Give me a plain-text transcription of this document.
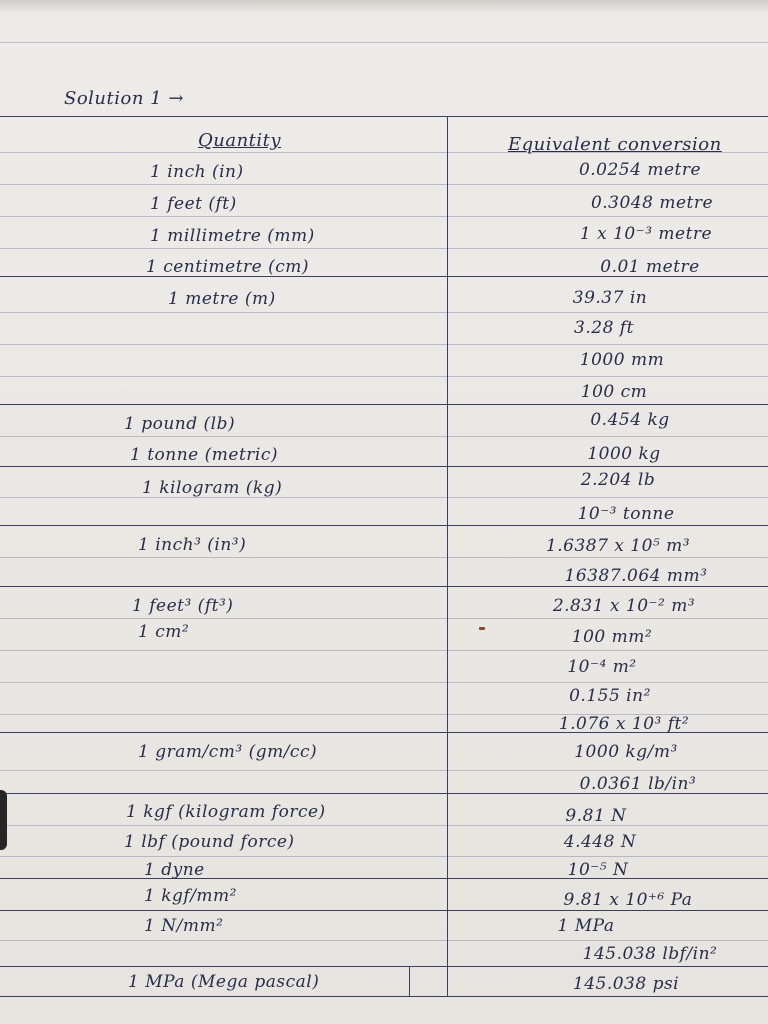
Solution 1 →
Quantity	Equivalent conversion
1 inch (in)
1 feet (ft)
1 millimetre (mm)
1 centimetre (cm)
1 metre (m)
1 pound (lb)
1 tonne (metric)
1 kilogram (kg)
1 inch³ (in³)
1 feet³ (ft³)
1 cm²
1 gram/cm³ (gm/cc)
1 kgf (kilogram force)
1 lbf (pound force)
1 dyne
1 kgf/mm²
1 N/mm²
1 MPa (Mega pascal)
0.0254 metre
0.3048 metre
1 x 10⁻³ metre
0.01 metre
39.37 in
3.28 ft
1000 mm
100 cm
0.454 kg
1000 kg
2.204 lb
10⁻³ tonne
1.6387 x 10⁵ m³
16387.064 mm³
2.831 x 10⁻² m³
100 mm²
10⁻⁴ m²
0.155 in²
1.076 x 10³ ft²
1000 kg/m³
0.0361 lb/in³
9.81 N
4.448 N
10⁻⁵ N
9.81 x 10⁺⁶ Pa
1 MPa
145.038 lbf/in²
145.038 psi
